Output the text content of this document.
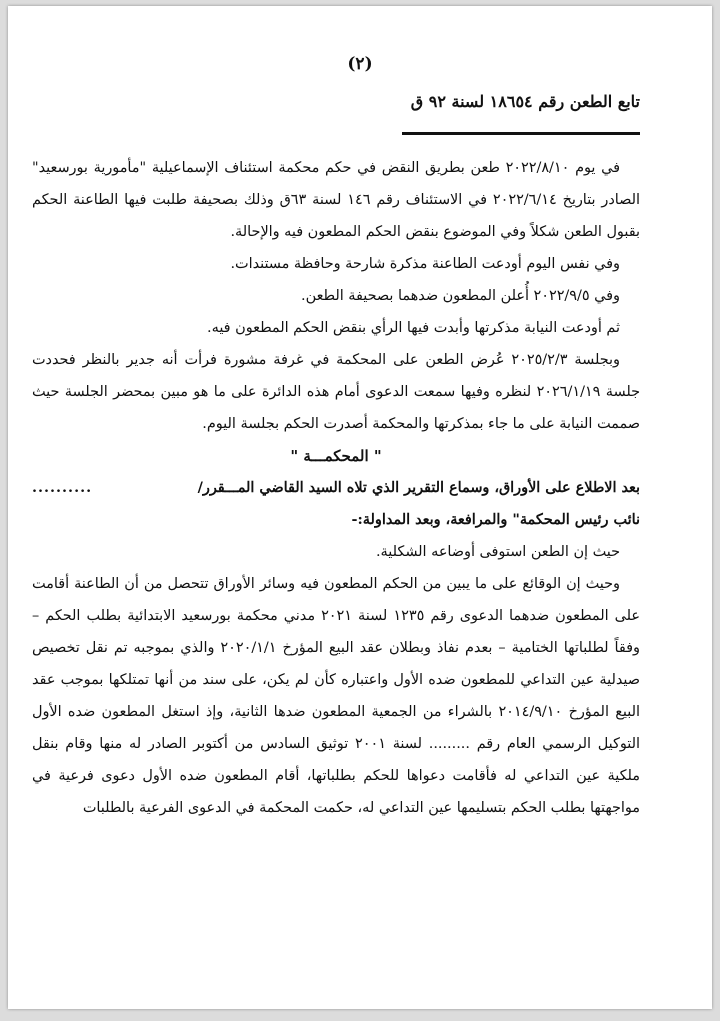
(٢)
تابع الطعن رقم ١٨٦٥٤ لسنة ٩٢ ق

في يوم ٢٠٢٢/٨/١٠ طعن بطريق النقض في حكم محكمة استئناف الإسماعيلية "مأمورية بورسعيد" الصادر بتاريخ ٢٠٢٢/٦/١٤ في الاستئناف رقم ١٤٦ لسنة ٦٣ق وذلك بصحيفة طلبت فيها الطاعنة الحكم بقبول الطعن شكلاً وفي الموضوع بنقض الحكم المطعون فيه والإحالة.

وفي نفس اليوم أودعت الطاعنة مذكرة شارحة وحافظة مستندات.

وفي ٢٠٢٢/٩/٥ أُعلن المطعون ضدهما بصحيفة الطعن.

ثم أودعت النيابة مذكرتها وأبدت فيها الرأي بنقض الحكم المطعون فيه.

وبجلسة ٢٠٢٥/٢/٣ عُرض الطعن على المحكمة في غرفة مشورة فرأت أنه جدير بالنظر فحددت جلسة ٢٠٢٦/١/١٩ لنظره وفيها سمعت الدعوى أمام هذه الدائرة على ما هو مبين بمحضر الجلسة حيث صممت النيابة على ما جاء بمذكرتها والمحكمة أصدرت الحكم بجلسة اليوم.

" المحكمـــة "

بعد الاطلاع على الأوراق، وسماع التقرير الذي تلاه السيد القاضي المـــقرر/
..........

نائب رئيس المحكمة" والمرافعة، وبعد المداولة:-

حيث إن الطعن استوفى أوضاعه الشكلية.

وحيث إن الوقائع على ما يبين من الحكم المطعون فيه وسائر الأوراق تتحصل من أن الطاعنة أقامت على المطعون ضدهما الدعوى رقم ١٢٣٥ لسنة ٢٠٢١ مدني محكمة بورسعيد الابتدائية بطلب الحكم – وفقاً لطلباتها الختامية – بعدم نفاذ وبطلان عقد البيع المؤرخ ٢٠٢٠/١/١ والذي بموجبه تم نقل تخصيص صيدلية عين التداعي للمطعون ضده الأول واعتباره كأن لم يكن، على سند من أنها تمتلكها بموجب عقد البيع المؤرخ ٢٠١٤/٩/١٠ بالشراء من الجمعية المطعون ضدها الثانية، وإذ استغل المطعون ضده الأول التوكيل الرسمي العام رقم ......... لسنة ٢٠٠١ توثيق السادس من أكتوبر الصادر له منها وقام بنقل ملكية عين التداعي له فأقامت دعواها للحكم بطلباتها، أقام المطعون ضده الأول دعوى فرعية في مواجهتها بطلب الحكم بتسليمها عين التداعي له، حكمت المحكمة في الدعوى الفرعية بالطلبات
